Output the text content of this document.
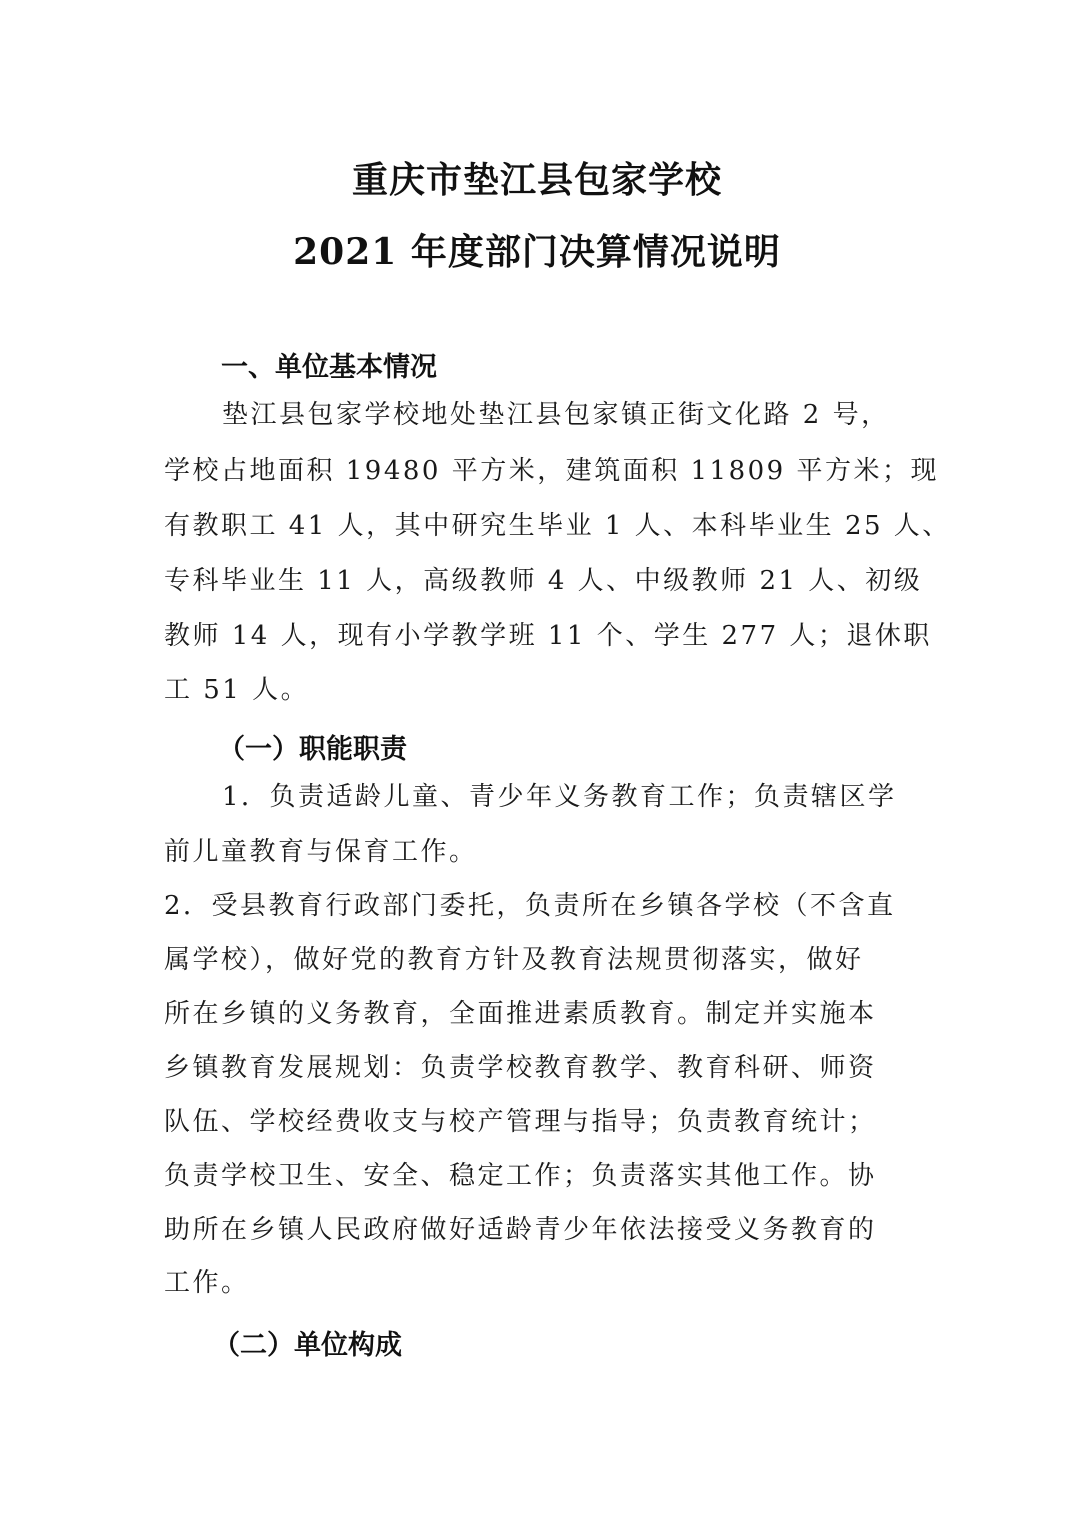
重庆市垫江县包家学校
2021 年度部门决算情况说明
一、单位基本情况
垫江县包家学校地处垫江县包家镇正街文化路 2 号，
学校占地面积 19480 平方米，建筑面积 11809 平方米；现
有教职工 41 人，其中研究生毕业 1 人、本科毕业生 25 人、
专科毕业生 11 人，高级教师 4 人、中级教师 21 人、初级
教师 14 人，现有小学教学班 11 个、学生 277 人；退休职
工 51 人。
（一）职能职责
1．负责适龄儿童、青少年义务教育工作；负责辖区学
前儿童教育与保育工作。
2．受县教育行政部门委托，负责所在乡镇各学校（不含直
属学校），做好党的教育方针及教育法规贯彻落实，做好
所在乡镇的义务教育，全面推进素质教育。制定并实施本
乡镇教育发展规划：负责学校教育教学、教育科研、师资
队伍、学校经费收支与校产管理与指导；负责教育统计；
负责学校卫生、安全、稳定工作；负责落实其他工作。协
助所在乡镇人民政府做好适龄青少年依法接受义务教育的
工作。
（二）单位构成
